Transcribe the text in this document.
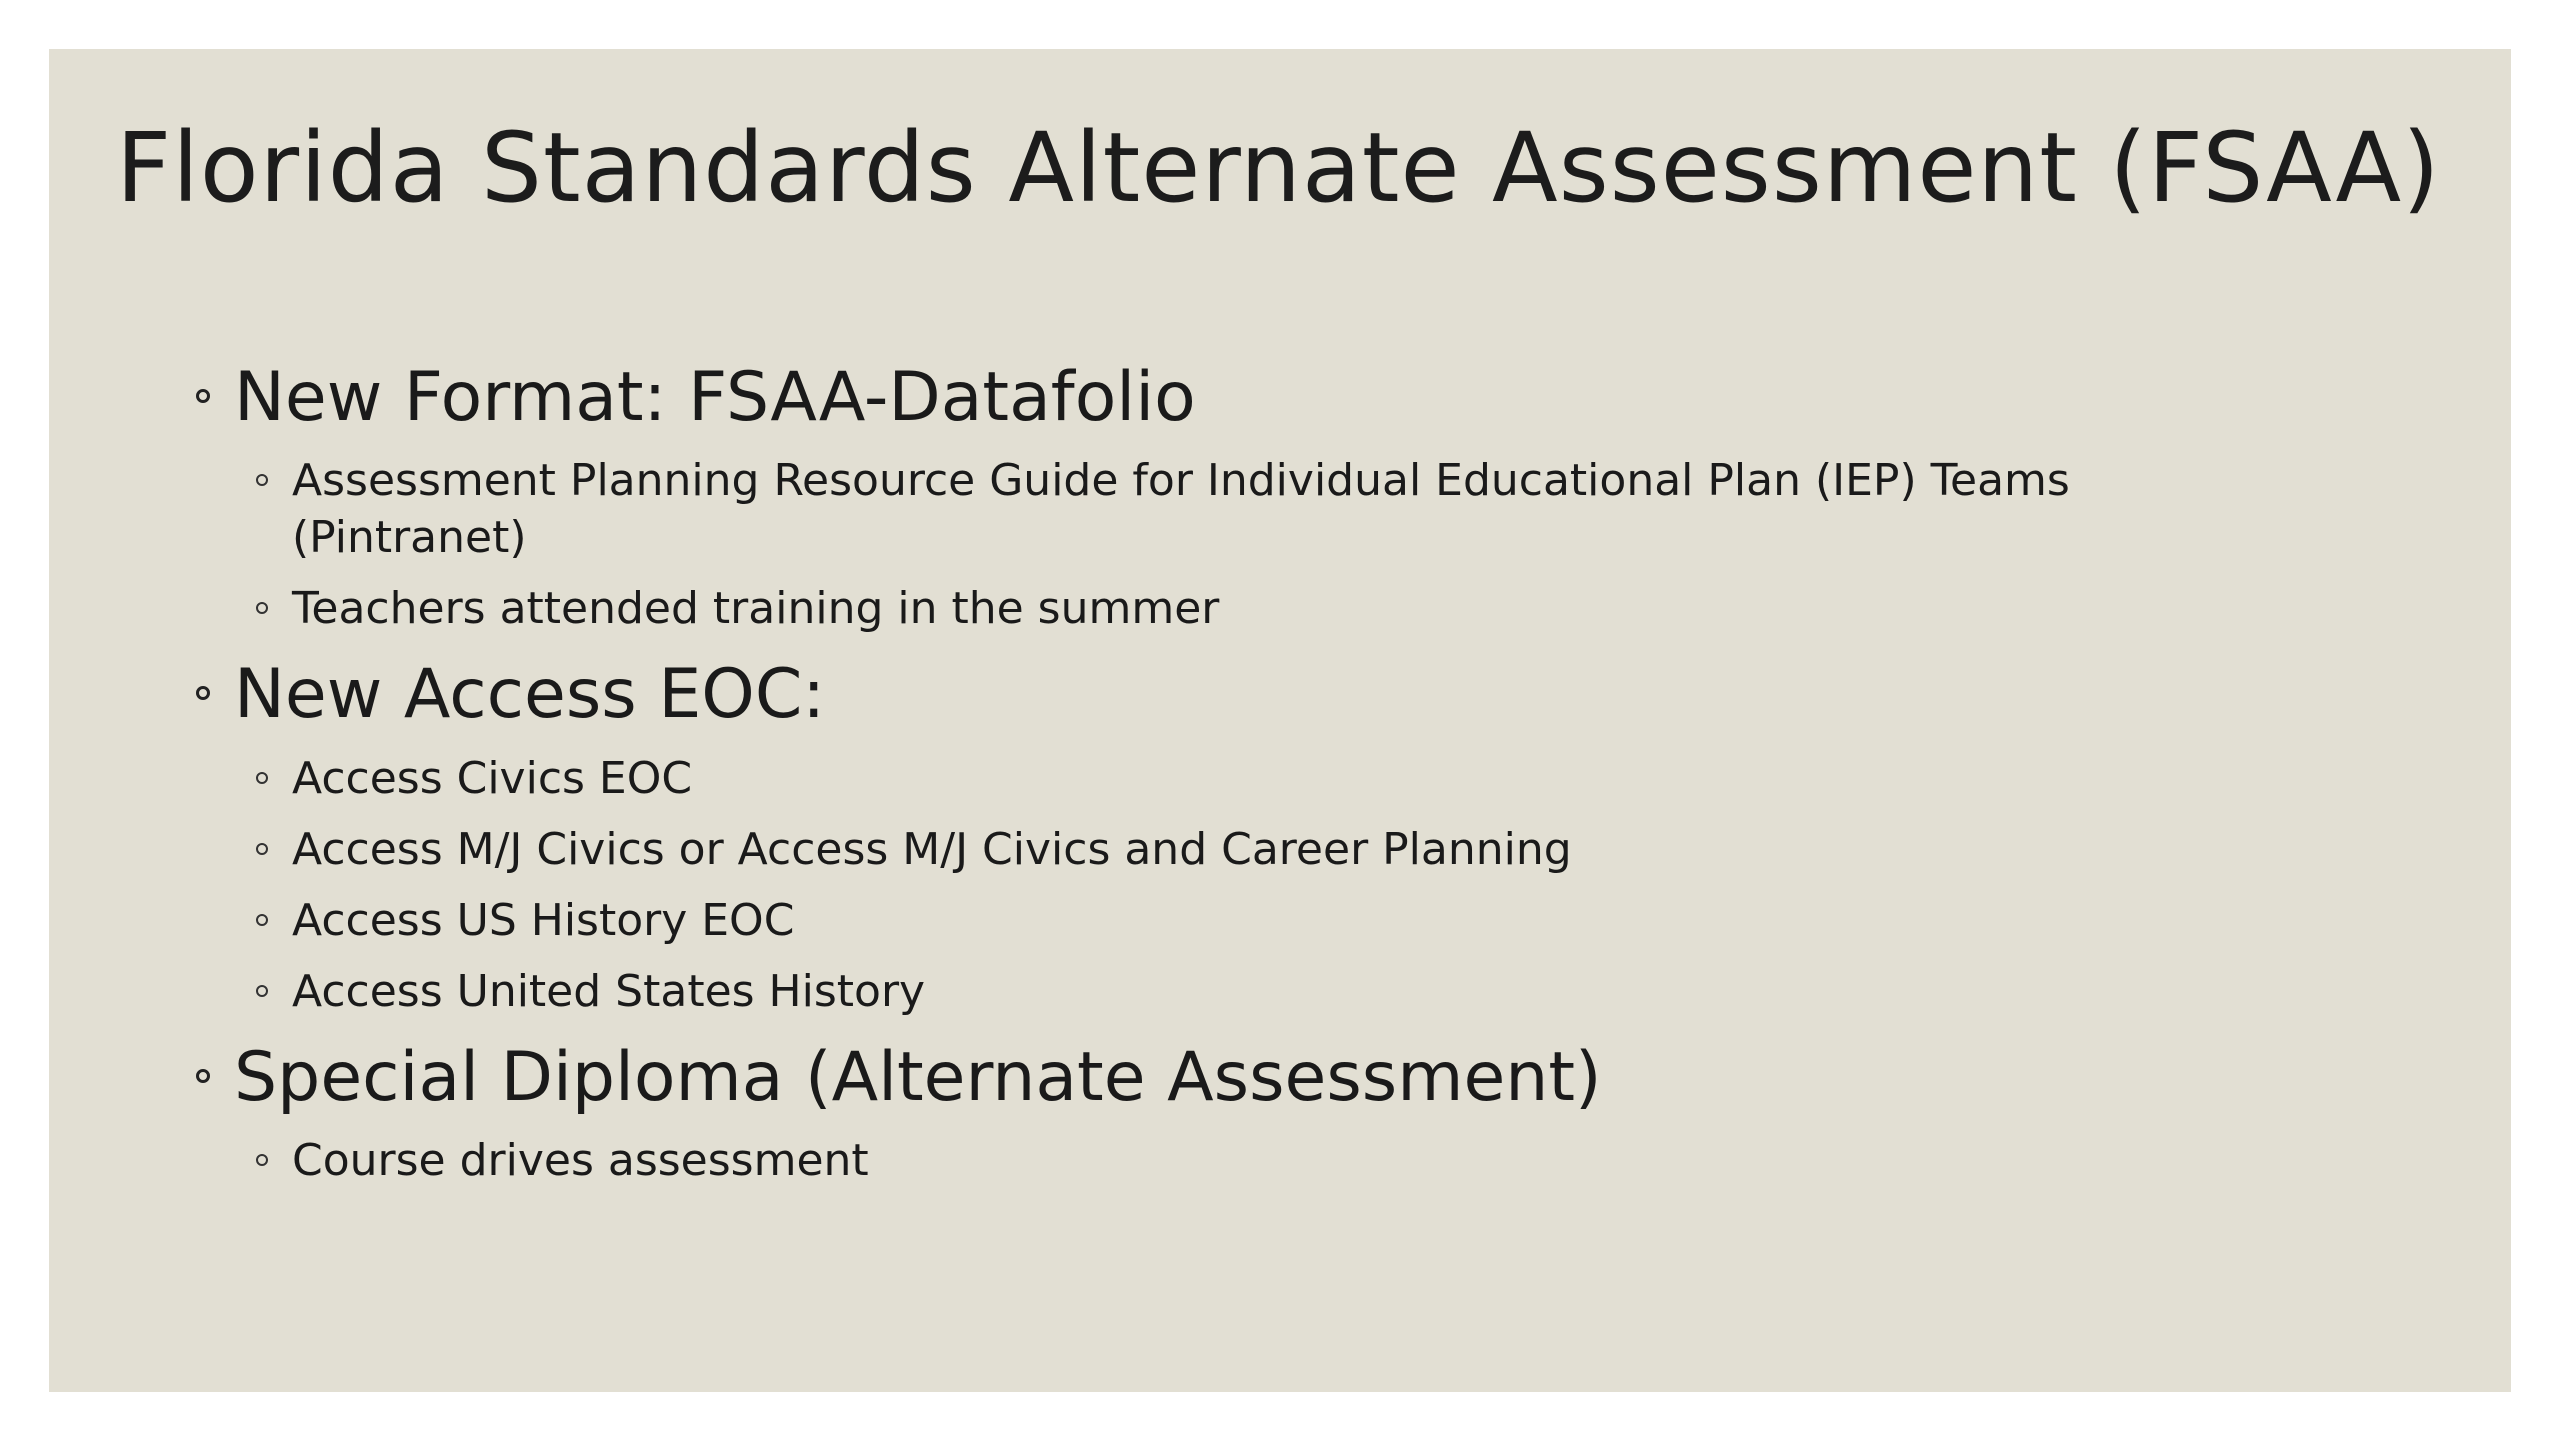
Florida Standards Alternate Assessment (FSAA)
New Format: FSAA-Datafolio
Assessment Planning Resource Guide for Individual Educational Plan (IEP) Teams (Pintranet)
Teachers attended training in the summer
New Access EOC:
Access Civics EOC
Access M/J Civics or Access M/J Civics and Career Planning
Access US History EOC
Access United States History
Special Diploma (Alternate Assessment)
Course drives assessment
